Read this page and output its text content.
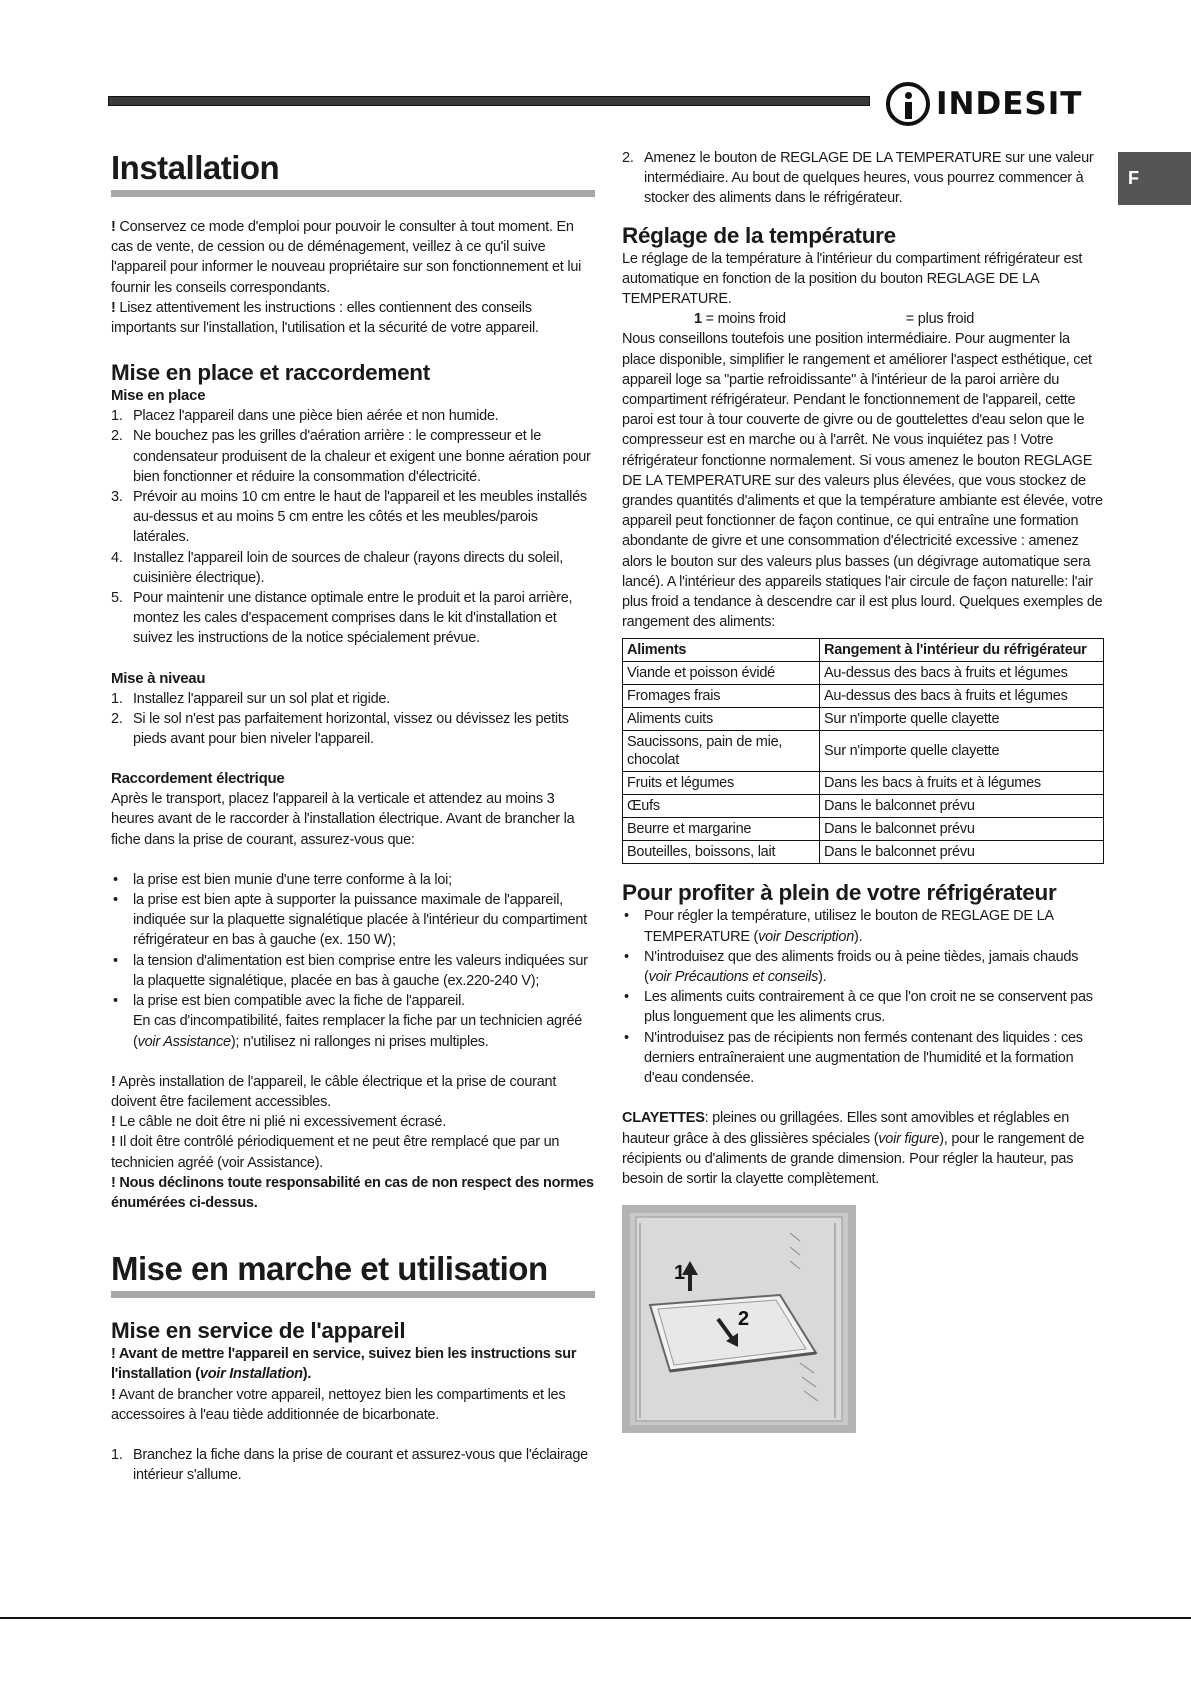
INDESIT
F
Installation

! Conservez ce mode d'emploi pour pouvoir le consulter à tout moment. En cas de vente, de cession ou de déménagement, veillez à ce qu'il suive l'appareil pour informer le nouveau propriétaire sur son fonctionnement et lui fournir les conseils correspondants.

! Lisez attentivement les instructions : elles contiennent des conseils importants sur l'installation, l'utilisation et la sécurité de votre appareil.

Mise en place et raccordement
Mise en place
1. Placez l'appareil dans une pièce bien aérée et non humide.
2. Ne bouchez pas les grilles d'aération arrière : le compresseur et le condensateur produisent de la chaleur et exigent une bonne aération pour bien fonctionner et réduire la consommation d'électricité.
3. Prévoir au moins 10 cm entre le haut de l'appareil et les meubles installés au-dessus et au moins 5 cm entre les côtés et les meubles/parois latérales.
4. Installez l'appareil loin de sources de chaleur (rayons directs du soleil, cuisinière électrique).
5. Pour maintenir une distance optimale entre le produit et la paroi arrière, montez les cales d'espacement comprises dans le kit d'installation et suivez les instructions de la notice spécialement prévue.
Mise à niveau
1. Installez l'appareil sur un sol plat et rigide.
2. Si le sol n'est pas parfaitement horizontal, vissez ou dévissez les petits pieds avant pour bien niveler l'appareil.
Raccordement électrique

Après le transport, placez l'appareil à la verticale et attendez au moins 3 heures avant de le raccorder à l'installation électrique. Avant de brancher la fiche dans la prise de courant, assurez-vous que:

• la prise est bien munie d'une terre conforme à la loi;
• la prise est bien apte à supporter la puissance maximale de l'appareil, indiquée sur la plaquette signalétique placée à l'intérieur du compartiment réfrigérateur en bas à gauche (ex. 150 W);
• la tension d'alimentation est bien comprise entre les valeurs indiquées sur la plaquette signalétique, placée en bas à gauche (ex.220-240 V);
• la prise est bien compatible avec la fiche de l'appareil.
En cas d'incompatibilité, faites remplacer la fiche par un technicien agréé (voir Assistance); n'utilisez ni rallonges ni prises multiples.

! Après installation de l'appareil, le câble électrique et la prise de courant doivent être facilement accessibles.

! Le câble ne doit être ni plié ni excessivement écrasé.

! Il doit être contrôlé périodiquement et ne peut être remplacé que par un technicien agréé (voir Assistance).

! Nous déclinons toute responsabilité en cas de non respect des normes énumérées ci-dessus.

Mise en marche et utilisation
Mise en service de l'appareil

! Avant de mettre l'appareil en service, suivez bien les instructions sur l'installation (voir Installation).

! Avant de brancher votre appareil, nettoyez bien les compartiments et les accessoires à l'eau tiède additionnée de bicarbonate.

1. Branchez la fiche dans la prise de courant et assurez-vous que l'éclairage intérieur s'allume.
2. Amenez le bouton de REGLAGE DE LA TEMPERATURE sur une valeur intermédiaire. Au bout de quelques heures, vous pourrez commencer à stocker des aliments dans le réfrigérateur.
Réglage de la température

Le réglage de la température à l'intérieur du compartiment réfrigérateur est automatique en fonction de la position du bouton REGLAGE DE LA TEMPERATURE.

1 = moins froid	= plus froid

Nous conseillons toutefois une position intermédiaire. Pour augmenter la place disponible, simplifier le rangement et améliorer l'aspect esthétique, cet appareil loge sa "partie refroidissante" à l'intérieur de la paroi arrière du compartiment réfrigérateur. Pendant le fonctionnement de l'appareil, cette paroi est tour à tour couverte de givre ou de gouttelettes d'eau selon que le compresseur est en marche ou à l'arrêt. Ne vous inquiétez pas ! Votre réfrigérateur fonctionne normalement. Si vous amenez le bouton REGLAGE DE LA TEMPERATURE sur des valeurs plus élevées, que vous stockez de grandes quantités d'aliments et que la température ambiante est élevée, votre appareil peut fonctionner de façon continue, ce qui entraîne une formation abondante de givre et une consommation d'électricité excessive : amenez alors le bouton sur des valeurs plus basses (un dégivrage automatique sera lancé). A l'intérieur des appareils statiques l'air circule de façon naturelle: l'air plus froid a tendance à descendre car il est plus lourd. Quelques exemples de rangement des aliments:

Aliments	Rangement à l'intérieur du réfrigérateur
Viande et poisson évidé	Au-dessus des bacs à fruits et légumes
Fromages frais	Au-dessus des bacs à fruits et légumes
Aliments cuits	Sur n'importe quelle clayette
Saucissons, pain de mie, chocolat	Sur n'importe quelle clayette
Fruits et légumes	Dans les bacs à fruits et à légumes
Œufs	Dans le balconnet prévu
Beurre et margarine	Dans le balconnet prévu
Bouteilles, boissons, lait	Dans le balconnet prévu
Pour profiter à plein de votre réfrigérateur
• Pour régler la température, utilisez le bouton de REGLAGE DE LA TEMPERATURE (voir Description).
• N'introduisez que des aliments froids ou à peine tièdes, jamais chauds (voir Précautions et conseils).
• Les aliments cuits contrairement à ce que l'on croit ne se conservent pas plus longuement que les aliments crus.
• N'introduisez pas de récipients non fermés contenant des liquides : ces derniers entraîneraient une augmentation de l'humidité et la formation d'eau condensée.

CLAYETTES: pleines ou grillagées. Elles sont amovibles et réglables en hauteur grâce à des glissières spéciales (voir figure), pour le rangement de récipients ou d'aliments de grande dimension. Pour régler la hauteur, pas besoin de sortir la clayette complètement.

1
2
